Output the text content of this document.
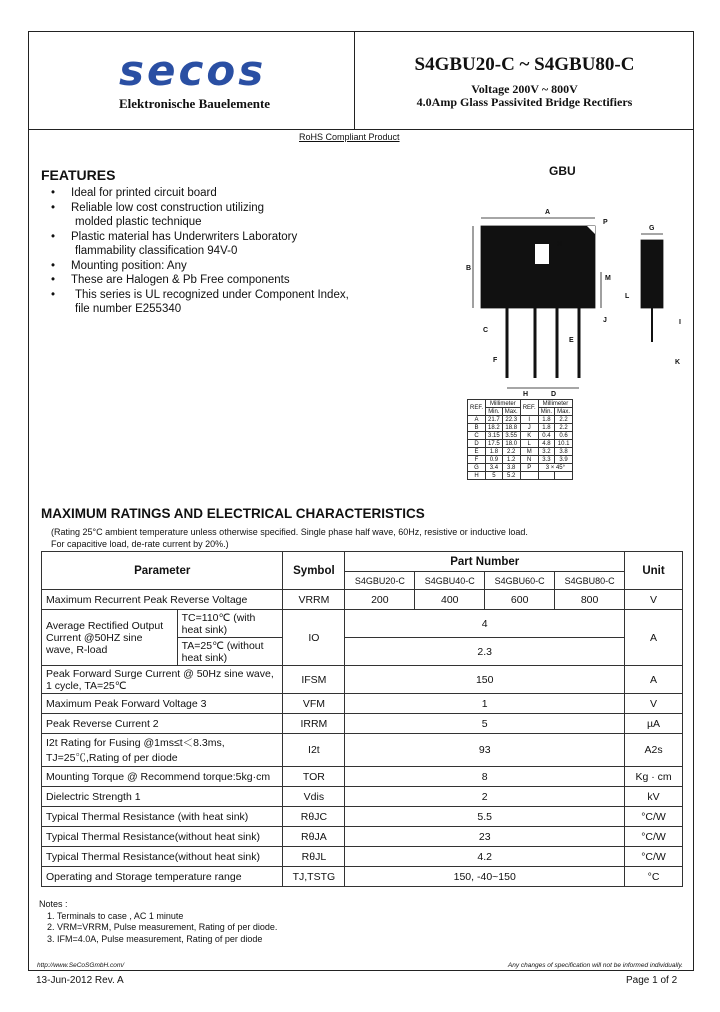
secos
Elektronische Bauelemente
S4GBU20-C ~ S4GBU80-C
Voltage 200V ~ 800V
4.0Amp Glass Passivited Bridge Rectifiers
RoHS Compliant Product
FEATURES
• Ideal for printed circuit board
• Reliable low cost construction utilizing
molded plastic technique
• Plastic material has Underwriters Laboratory
flammability classification 94V-0
• Mounting position: Any
• These are Halogen & Pb Free components
• This series is UL recognized under Component Index,
file number E255340
GBU
A
N
P
G
B
M
L
J	I
C
F
E
H	D
K
REF.	Millimeter		REF.	Millimeter	
	Min.	Max.		Min.	Max.
A	21.7	22.3	I	1.8	2.2
B	18.2	18.8	J	1.8	2.2
C	3.15	3.55	K	0.4	0.6
D	17.5	18.0	L	4.8	10.1
E	1.8	2.2	M	3.2	3.8
F	0.9	1.2	N	3.3	3.9
G	3.4	3.8	P	3 × 45°	
H	5	5.2			
MAXIMUM RATINGS AND ELECTRICAL CHARACTERISTICS
(Rating 25°C ambient temperature unless otherwise specified. Single phase half wave, 60Hz, resistive or inductive load.
For capacitive load, de-rate current by 20%.)
Parameter		Symbol	Part Number				Unit
			S4GBU20-C	S4GBU40-C	S4GBU60-C	S4GBU80-C	
Maximum Recurrent Peak Reverse Voltage		VRRM	200	400	600	800	V
Average Rectified Output Current @50HZ sine wave, R-load	TC=110℃ (with heat sink)	IO	4				A
	TA=25℃ (without heat sink)		2.3				
Peak Forward Surge Current @ 50Hz sine wave, 1 cycle, TA=25℃		IFSM	150				A
Maximum Peak Forward Voltage 3		VFM	1				V
Peak Reverse Current 2		IRRM	5				µA
I2t Rating for Fusing @1ms≤t＜8.3ms, TJ=25℃,Rating of per diode		I2t	93				A2s
Mounting Torque @ Recommend torque:5kg·cm		TOR	8				Kg · cm
Dielectric Strength 1		Vdis	2				kV
Typical Thermal Resistance (with heat sink)		RθJC	5.5				°C/W
Typical Thermal Resistance(without heat sink)		RθJA	23				°C/W
Typical Thermal Resistance(without heat sink)		RθJL	4.2				°C/W
Operating and Storage temperature range		TJ,TSTG	150, -40~150				°C
Notes :
1. Terminals to case , AC 1 minute
2. VRM=VRRM, Pulse measurement, Rating of per diode.
3. IFM=4.0A, Pulse measurement, Rating of per diode
http://www.SeCoSGmbH.com/	Any changes of specification will not be informed individually.
13-Jun-2012 Rev. A	Page 1 of 2
